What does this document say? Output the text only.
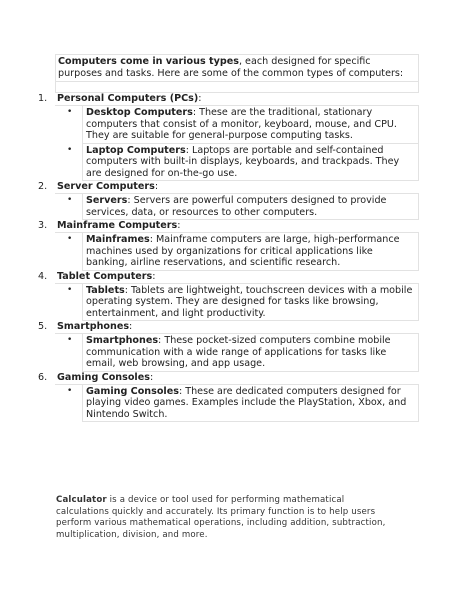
Computers come in various types, each designed for specific purposes and tasks. Here are some of the common types of computers:

1. Personal Computers (PCs):
• Desktop Computers: These are the traditional, stationary computers that consist of a monitor, keyboard, mouse, and CPU. They are suitable for general-purpose computing tasks.
• Laptop Computers: Laptops are portable and self-contained computers with built-in displays, keyboards, and trackpads. They are designed for on-the-go use.
2. Server Computers:
• Servers: Servers are powerful computers designed to provide services, data, or resources to other computers.
3. Mainframe Computers:
• Mainframes: Mainframe computers are large, high-performance machines used by organizations for critical applications like banking, airline reservations, and scientific research.
4. Tablet Computers:
• Tablets: Tablets are lightweight, touchscreen devices with a mobile operating system. They are designed for tasks like browsing, entertainment, and light productivity.
5. Smartphones:
• Smartphones: These pocket-sized computers combine mobile communication with a wide range of applications for tasks like email, web browsing, and app usage.
6. Gaming Consoles:
• Gaming Consoles: These are dedicated computers designed for playing video games. Examples include the PlayStation, Xbox, and Nintendo Switch.

Calculator is a device or tool used for performing mathematical calculations quickly and accurately. Its primary function is to help users perform various mathematical operations, including addition, subtraction, multiplication, division, and more.
